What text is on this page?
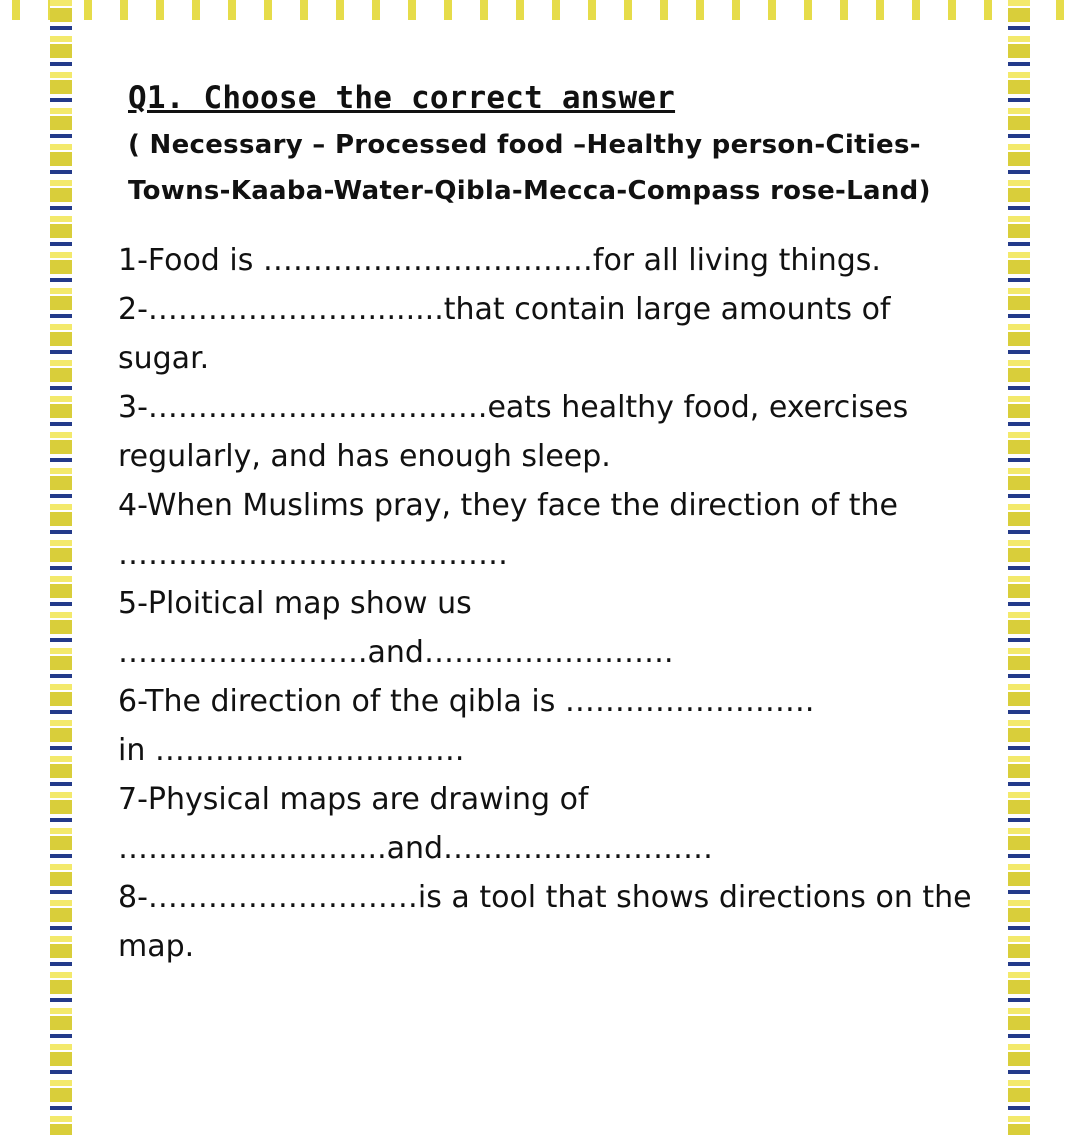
Q1. Choose the correct answer
( Necessary – Processed food –Healthy person-Cities-
Towns-Kaaba-Water-Qibla-Mecca-Compass rose-Land)

1-Food is ……………………………for all living things.

2-………………….........that contain large amounts of
sugar.

3-…………………………….eats healthy food, exercises
regularly, and has enough sleep.

4-When Muslims pray, they face the direction of the
…………………………………

5-Ploitical map show us
…………………….and…………………….

6-The direction of the qibla is …………………….
in ………………………….

7-Physical maps are drawing of
……………………...and………………………

8-………………………is a tool that shows directions on the
map.
